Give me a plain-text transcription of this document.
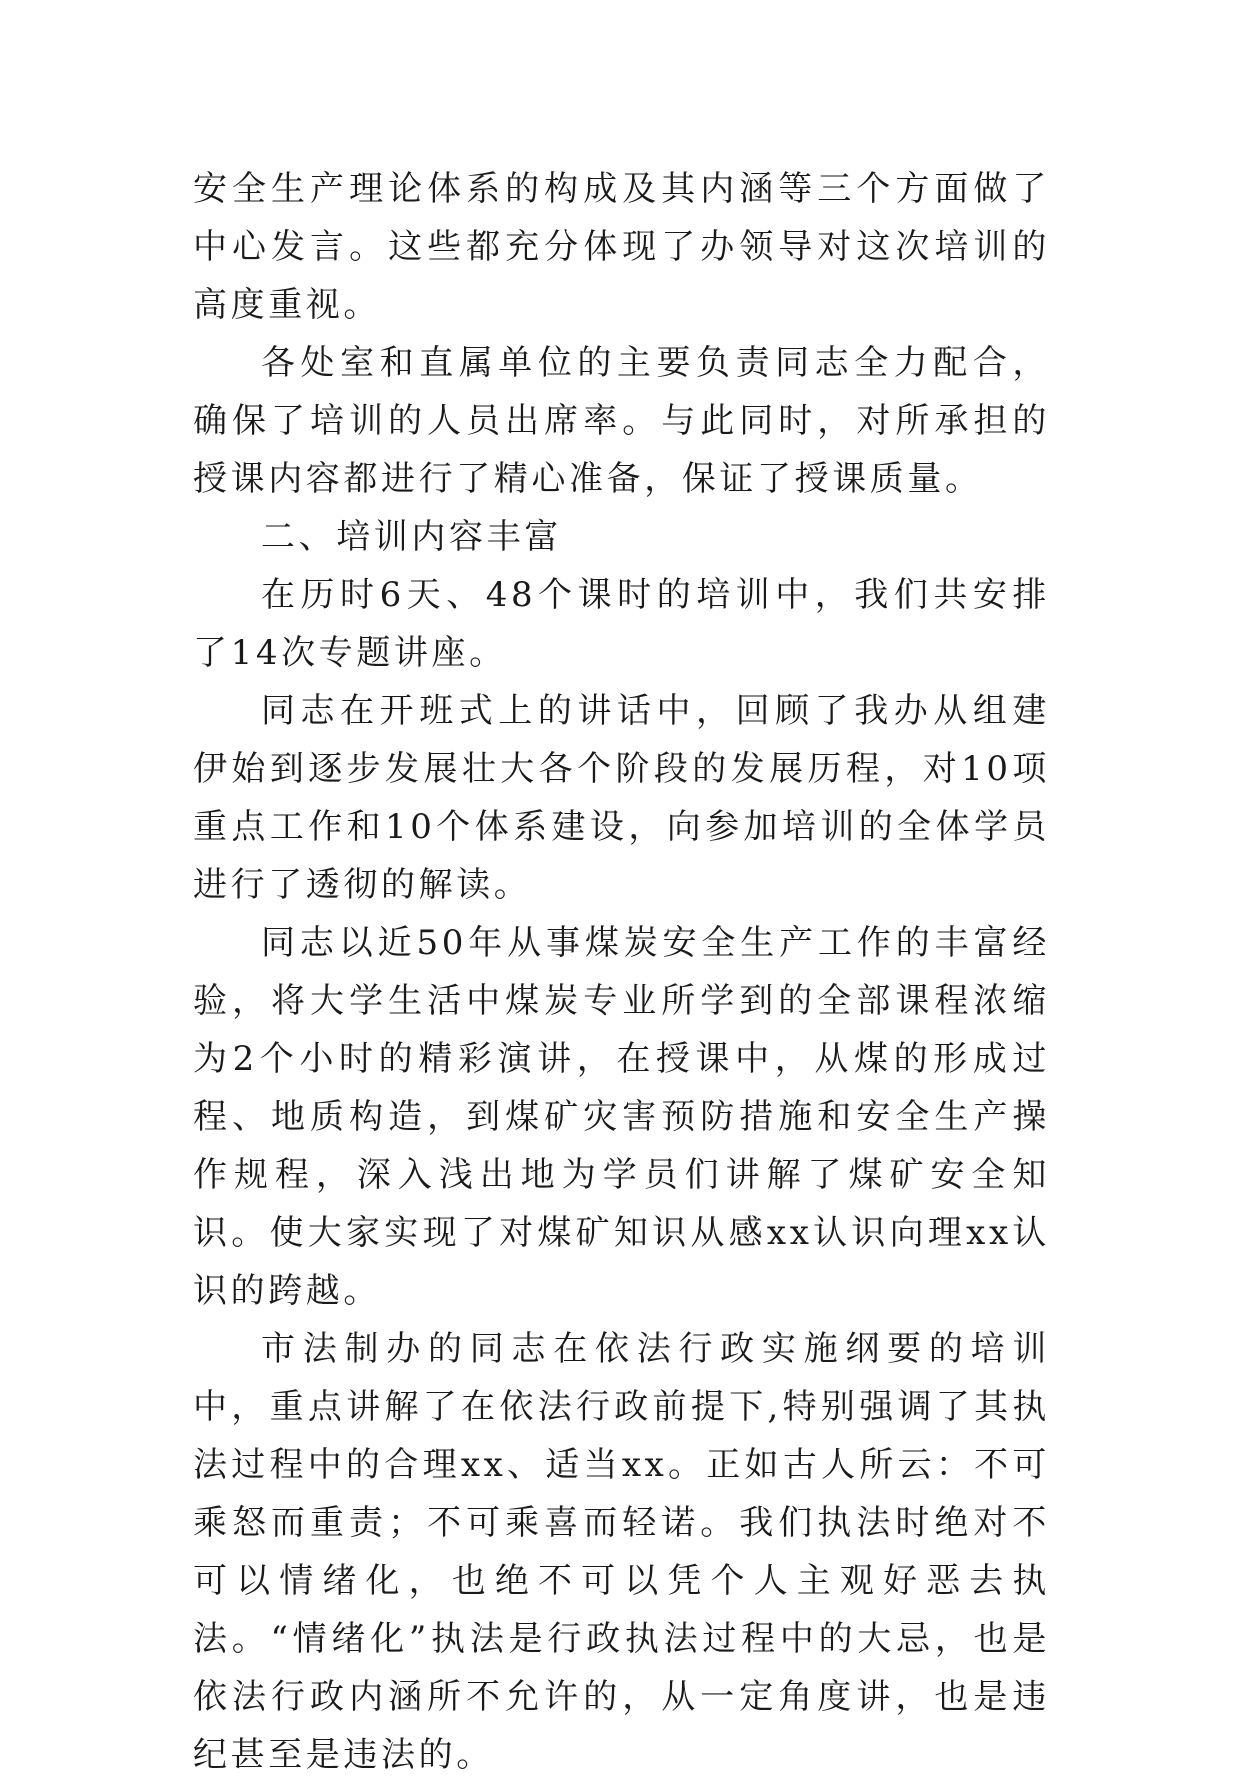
安全生产理论体系的构成及其内涵等三个方面做了中心发言。这些都充分体现了办领导对这次培训的高度重视。

各处室和直属单位的主要负责同志全力配合，确保了培训的人员出席率。与此同时，对所承担的授课内容都进行了精心准备，保证了授课质量。

二、培训内容丰富

在历时6天、48个课时的培训中，我们共安排了14次专题讲座。

同志在开班式上的讲话中，回顾了我办从组建伊始到逐步发展壮大各个阶段的发展历程，对10项重点工作和10个体系建设，向参加培训的全体学员进行了透彻的解读。

同志以近50年从事煤炭安全生产工作的丰富经验，将大学生活中煤炭专业所学到的全部课程浓缩为2个小时的精彩演讲，在授课中，从煤的形成过程、地质构造，到煤矿灾害预防措施和安全生产操作规程，深入浅出地为学员们讲解了煤矿安全知识。使大家实现了对煤矿知识从感xx认识向理xx认识的跨越。

市法制办的同志在依法行政实施纲要的培训中，重点讲解了在依法行政前提下,特别强调了其执法过程中的合理xx、适当xx。正如古人所云：不可乘怒而重责；不可乘喜而轻诺。我们执法时绝对不可以情绪化，也绝不可以凭个人主观好恶去执法。“情绪化”执法是行政执法过程中的大忌，也是依法行政内涵所不允许的，从一定角度讲，也是违纪甚至是违法的。
